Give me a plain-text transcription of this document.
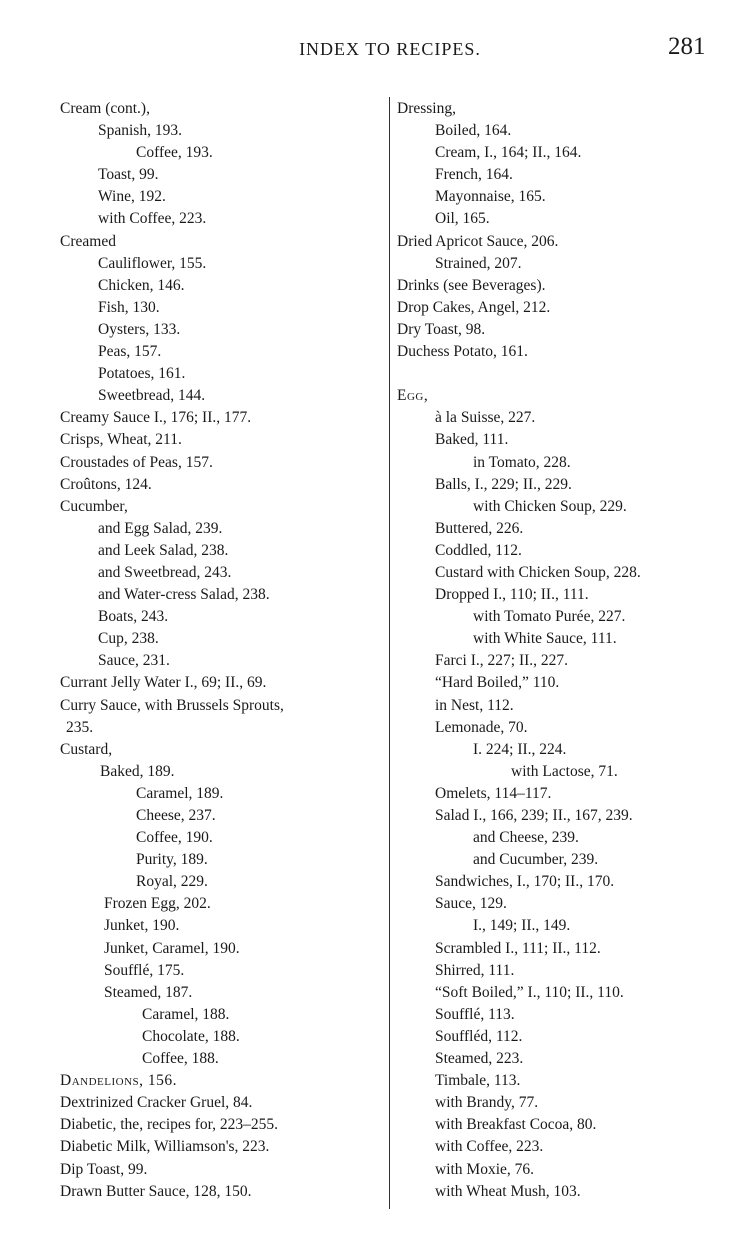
INDEX TO RECIPES.	281
Cream (cont.),
Spanish, 193.
Coffee, 193.
Toast, 99.
Wine, 192.
with Coffee, 223.
Creamed
Cauliflower, 155.
Chicken, 146.
Fish, 130.
Oysters, 133.
Peas, 157.
Potatoes, 161.
Sweetbread, 144.
Creamy Sauce I., 176; II., 177.
Crisps, Wheat, 211.
Croustades of Peas, 157.
Croûtons, 124.
Cucumber,
and Egg Salad, 239.
and Leek Salad, 238.
and Sweetbread, 243.
and Water-cress Salad, 238.
Boats, 243.
Cup, 238.
Sauce, 231.
Currant Jelly Water I., 69; II., 69.
Curry Sauce, with Brussels Sprouts,
235.
Custard,
Baked, 189.
Caramel, 189.
Cheese, 237.
Coffee, 190.
Purity, 189.
Royal, 229.
Frozen Egg, 202.
Junket, 190.
Junket, Caramel, 190.
Soufflé, 175.
Steamed, 187.
Caramel, 188.
Chocolate, 188.
Coffee, 188.
Dandelions, 156.
Dextrinized Cracker Gruel, 84.
Diabetic, the, recipes for, 223–255.
Diabetic Milk, Williamson's, 223.
Dip Toast, 99.
Drawn Butter Sauce, 128, 150.
Dressing,
Boiled, 164.
Cream, I., 164; II., 164.
French, 164.
Mayonnaise, 165.
Oil, 165.
Dried Apricot Sauce, 206.
Strained, 207.
Drinks (see Beverages).
Drop Cakes, Angel, 212.
Dry Toast, 98.
Duchess Potato, 161.
Egg,
à la Suisse, 227.
Baked, 111.
in Tomato, 228.
Balls, I., 229; II., 229.
with Chicken Soup, 229.
Buttered, 226.
Coddled, 112.
Custard with Chicken Soup, 228.
Dropped I., 110; II., 111.
with Tomato Purée, 227.
with White Sauce, 111.
Farci I., 227; II., 227.
“Hard Boiled,” 110.
in Nest, 112.
Lemonade, 70.
I. 224; II., 224.
with Lactose, 71.
Omelets, 114–117.
Salad I., 166, 239; II., 167, 239.
and Cheese, 239.
and Cucumber, 239.
Sandwiches, I., 170; II., 170.
Sauce, 129.
I., 149; II., 149.
Scrambled I., 111; II., 112.
Shirred, 111.
“Soft Boiled,” I., 110; II., 110.
Soufflé, 113.
Souffléd, 112.
Steamed, 223.
Timbale, 113.
with Brandy, 77.
with Breakfast Cocoa, 80.
with Coffee, 223.
with Moxie, 76.
with Wheat Mush, 103.
